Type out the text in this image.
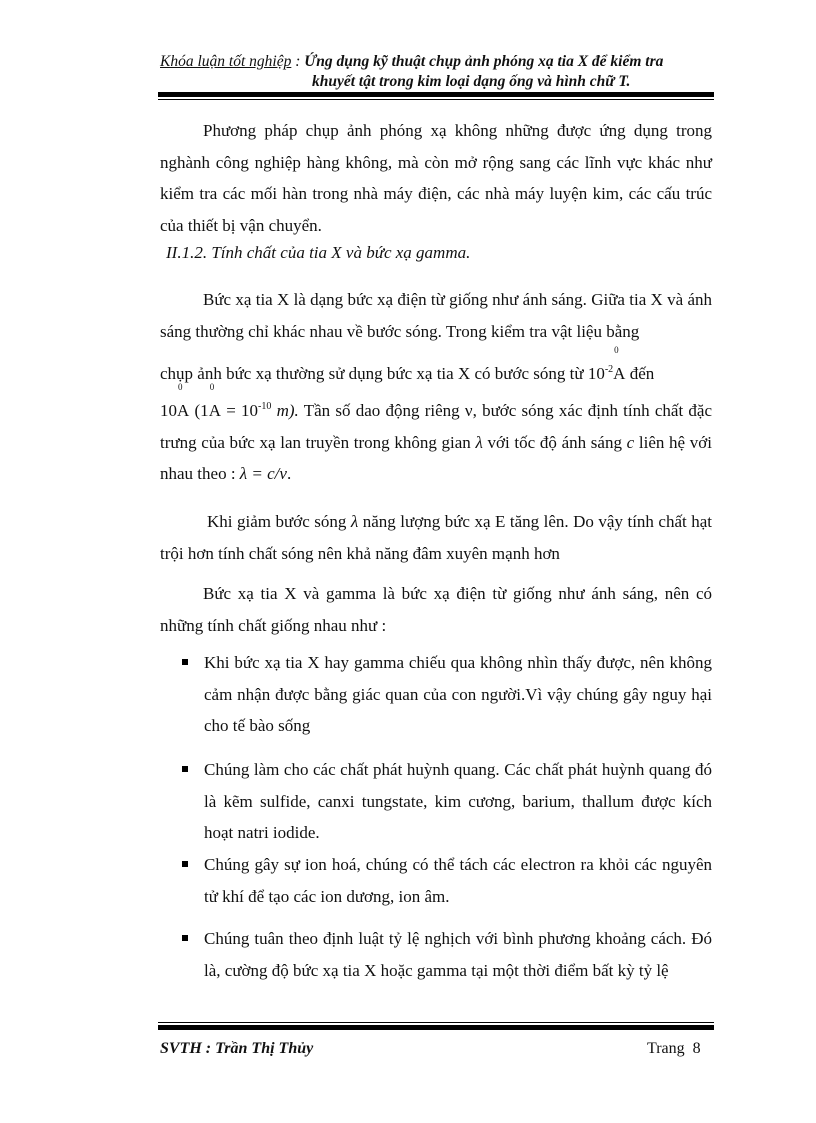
Khóa luận tốt nghiệp : Ứng dụng kỹ thuật chụp ảnh phóng xạ tia X để kiểm tra
khuyết tật trong kim loại dạng ống và hình chữ T.
Phương pháp chụp ảnh phóng xạ không những được ứng dụng trong nghành công nghiệp hàng không, mà còn mở rộng sang các lĩnh vực khác như kiểm tra các mối hàn trong nhà máy điện, các nhà máy luyện kim, các cấu trúc của thiết bị vận chuyển.
II.1.2. Tính chất của tia X và bức xạ gamma.
Bức xạ tia X là dạng bức xạ điện từ giống như ánh sáng. Giữa tia X và ánh sáng thường chỉ khác nhau về bước sóng. Trong kiểm tra vật liệu bằng
chụp ảnh bức xạ thường sử dụng bức xạ tia X có bước sóng từ $10^{-2}$
0
A đến
10
0
A (1
0
$A = 10^{-10}$ m). Tần số dao động riêng ν, bước sóng xác định tính chất đặc trưng của bức xạ lan truyền trong không gian λ với tốc độ ánh sáng c liên hệ với nhau theo : λ = c/ν.
Khi giảm bước sóng λ năng lượng bức xạ E tăng lên. Do vậy tính chất hạt trội hơn tính chất sóng nên khả năng đâm xuyên mạnh hơn
Bức xạ tia X và gamma là bức xạ điện từ giống như ánh sáng, nên có những tính chất giống nhau như :
Khi bức xạ tia X hay gamma chiếu qua không nhìn thấy được, nên không cảm nhận được bằng giác quan của con người.Vì vậy chúng gây nguy hại cho tế bào sống
Chúng làm cho các chất phát huỳnh quang. Các chất phát huỳnh quang đó là kẽm sulfide, canxi tungstate, kim cương, barium, thallum được kích hoạt natri iodide.
Chúng gây sự ion hoá, chúng có thể tách các electron ra khỏi các nguyên tử khí để tạo các ion dương, ion âm.
Chúng tuân theo định luật tỷ lệ nghịch với bình phương khoảng cách. Đó là, cường độ bức xạ tia X hoặc gamma tại một thời điểm bất kỳ tỷ lệ
SVTH : Trần Thị Thủy	Trang 8
